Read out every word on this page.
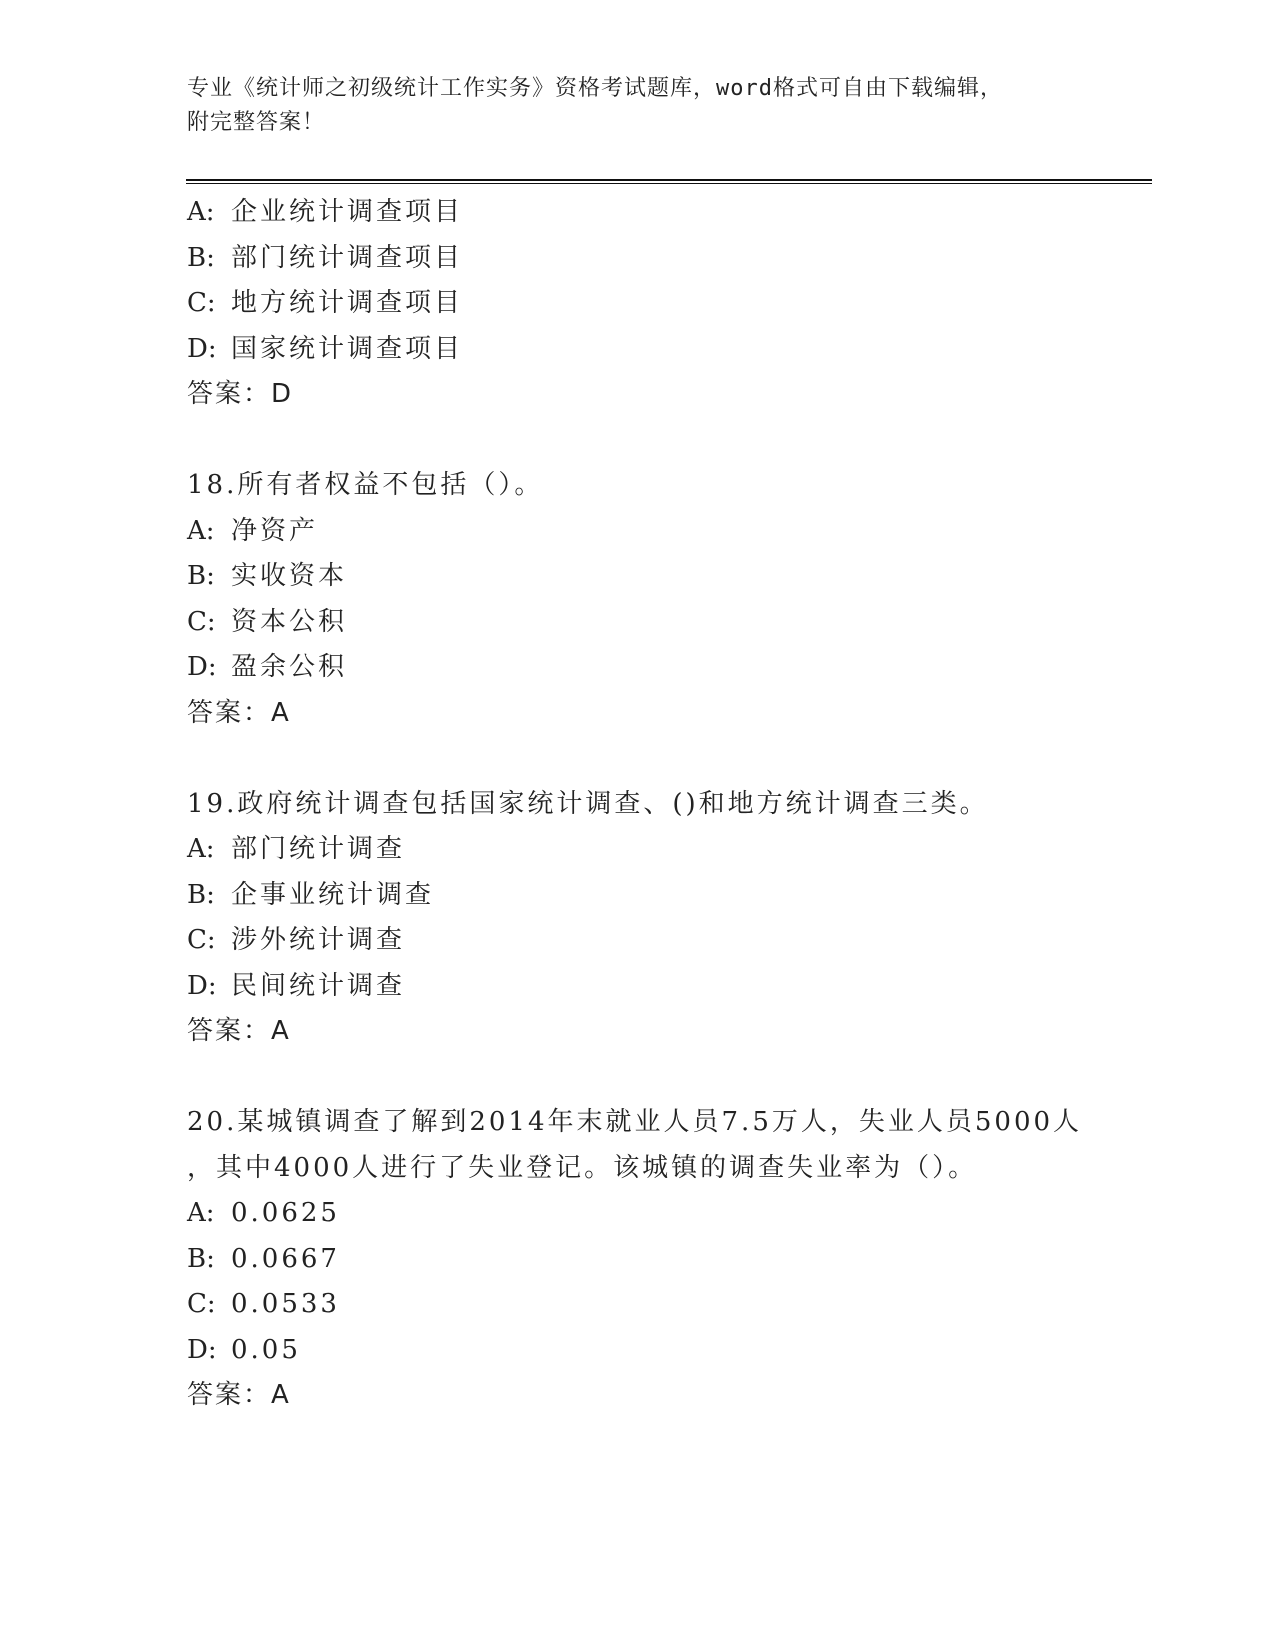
专业《统计师之初级统计工作实务》资格考试题库，word格式可自由下载编辑，
附完整答案！
A: 企业统计调查项目
B: 部门统计调查项目
C: 地方统计调查项目
D: 国家统计调查项目
答案：D
18.所有者权益不包括（）。
A: 净资产
B: 实收资本
C: 资本公积
D: 盈余公积
答案：A
19.政府统计调查包括国家统计调查、()和地方统计调查三类。
A: 部门统计调查
B: 企事业统计调查
C: 涉外统计调查
D: 民间统计调查
答案：A
20.某城镇调查了解到2014年末就业人员7.5万人，失业人员5000人
，其中4000人进行了失业登记。该城镇的调查失业率为（）。
A: 0.0625
B: 0.0667
C: 0.0533
D: 0.05
答案：A
